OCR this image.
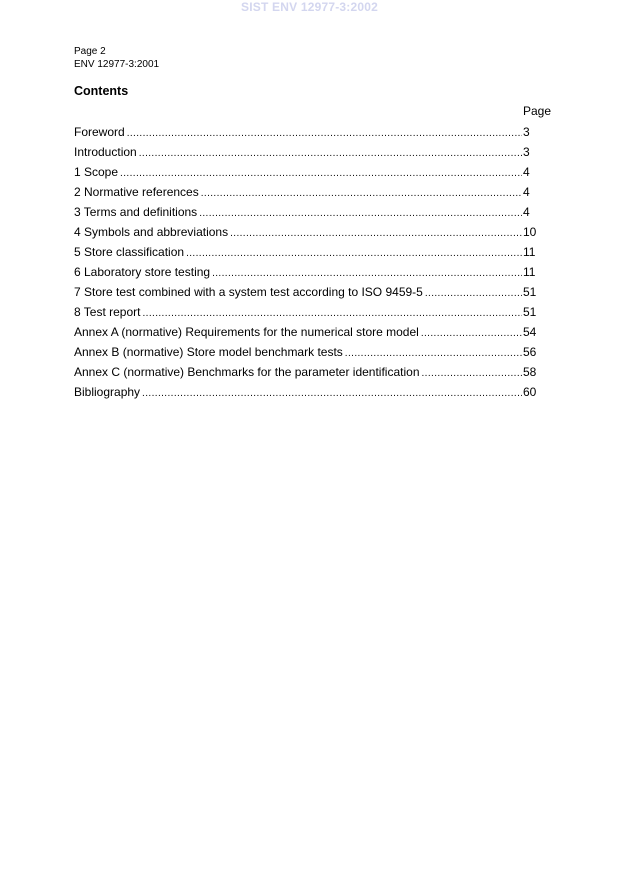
SIST ENV 12977-3:2002
Page 2
ENV 12977-3:2001
Contents
Page
Foreword .....	3
Introduction .....	3
1 Scope .....	4
2 Normative references .....	4
3 Terms and definitions .....	4
4 Symbols and abbreviations .....	10
5 Store classification .....	11
6 Laboratory store testing .....	11
7 Store test combined with a system test according to ISO 9459-5 .....	51
8 Test report .....	51
Annex A (normative) Requirements for the numerical store model .....	54
Annex B (normative) Store model benchmark tests .....	56
Annex C (normative) Benchmarks for the parameter identification .....	58
Bibliography .....	60
